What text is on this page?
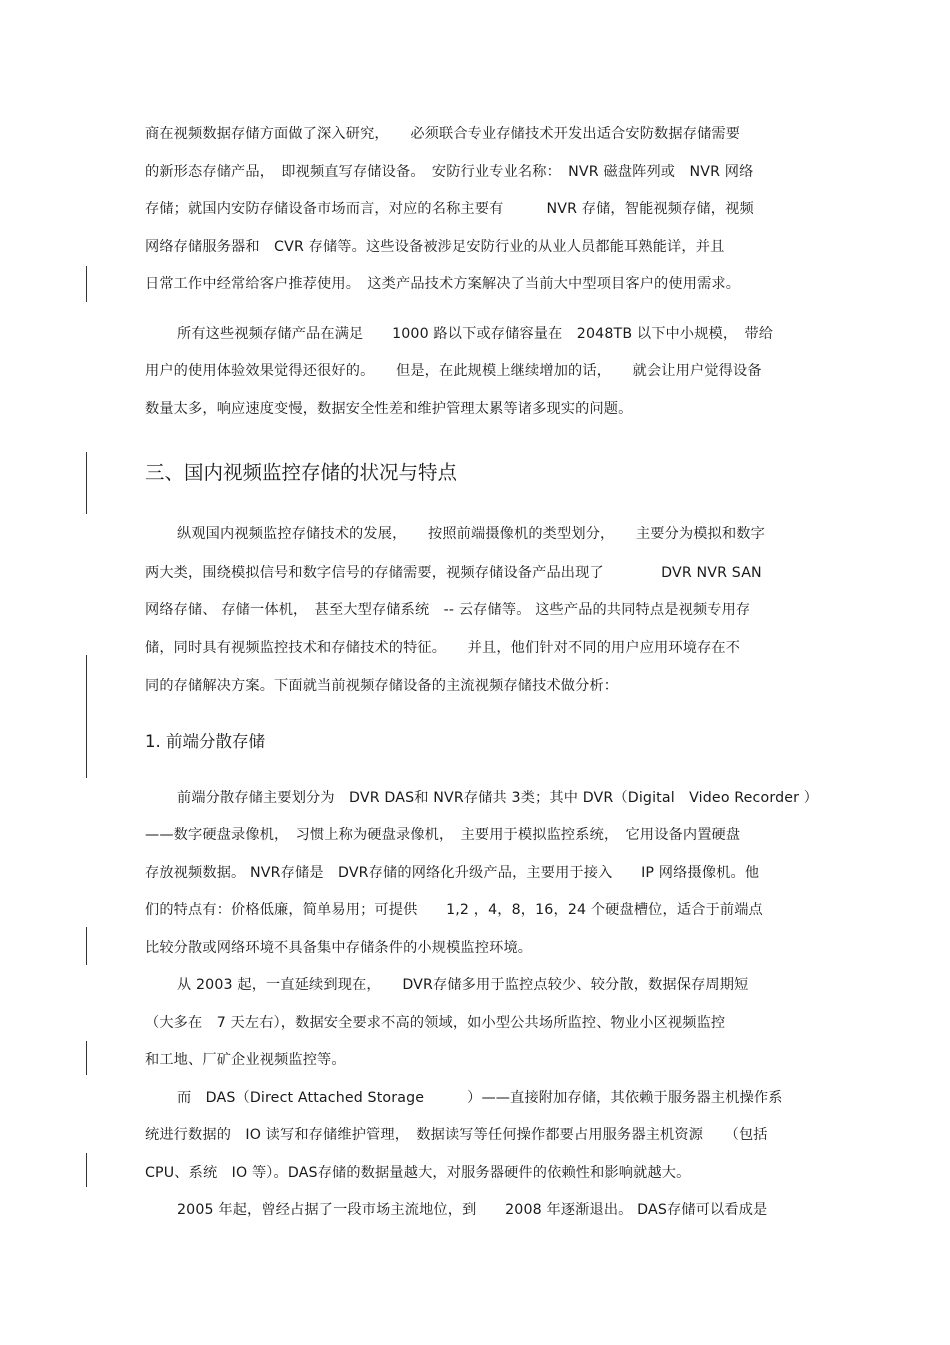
商在视频数据存储方面做了深入研究，　　必须联合专业存储技术开发出适合安防数据存储需要
的新形态存储产品，　即视频直写存储设备。　安防行业专业名称：　NVR 磁盘阵列或　NVR 网络
存储；就国内安防存储设备市场而言，对应的名称主要有　　　NVR 存储，智能视频存储，视频
网络存储服务器和　CVR 存储等。这些设备被涉足安防行业的从业人员都能耳熟能详，并且
日常工作中经常给客户推荐使用。　这类产品技术方案解决了当前大中型项目客户的使用需求。
所有这些视频存储产品在满足　　1000 路以下或存储容量在　2048TB 以下中小规模，　带给
用户的使用体验效果觉得还很好的。　　但是，在此规模上继续增加的话，　　就会让用户觉得设备
数量太多，响应速度变慢，数据安全性差和维护管理太累等诸多现实的问题。
三、国内视频监控存储的状况与特点
纵观国内视频监控存储技术的发展，　　按照前端摄像机的类型划分，　　主要分为模拟和数字
两大类，围绕模拟信号和数字信号的存储需要，视频存储设备产品出现了　　　　DVR NVR SAN
网络存储、 存储一体机，　甚至大型存储系统　-- 云存储等。 这些产品的共同特点是视频专用存
储，同时具有视频监控技术和存储技术的特征。　　并且，他们针对不同的用户应用环境存在不
同的存储解决方案。下面就当前视频存储设备的主流视频存储技术做分析：
1. 前端分散存储
前端分散存储主要划分为　DVR DAS和 NVR存储共 3类；其中 DVR（Digital　Video Recorder ）
——数字硬盘录像机，　习惯上称为硬盘录像机，　主要用于模拟监控系统，　它用设备内置硬盘
存放视频数据。 NVR存储是　DVR存储的网络化升级产品，主要用于接入　　IP 网络摄像机。他
们的特点有：价格低廉，简单易用；可提供　　1,2 ，4，8，16，24 个硬盘槽位，适合于前端点
比较分散或网络环境不具备集中存储条件的小规模监控环境。
从 2003 起，一直延续到现在，　　DVR存储多用于监控点较少、较分散，数据保存周期短
（大多在　7 天左右），数据安全要求不高的领域，如小型公共场所监控、物业小区视频监控
和工地、厂矿企业视频监控等。
而　DAS（Direct Attached Storage　　　）——直接附加存储，其依赖于服务器主机操作系
统进行数据的　IO 读写和存储维护管理，　数据读写等任何操作都要占用服务器主机资源　　（包括
CPU、系统　IO 等）。DAS存储的数据量越大，对服务器硬件的依赖性和影响就越大。
2005 年起，曾经占据了一段市场主流地位，到　　2008 年逐渐退出。 DAS存储可以看成是
